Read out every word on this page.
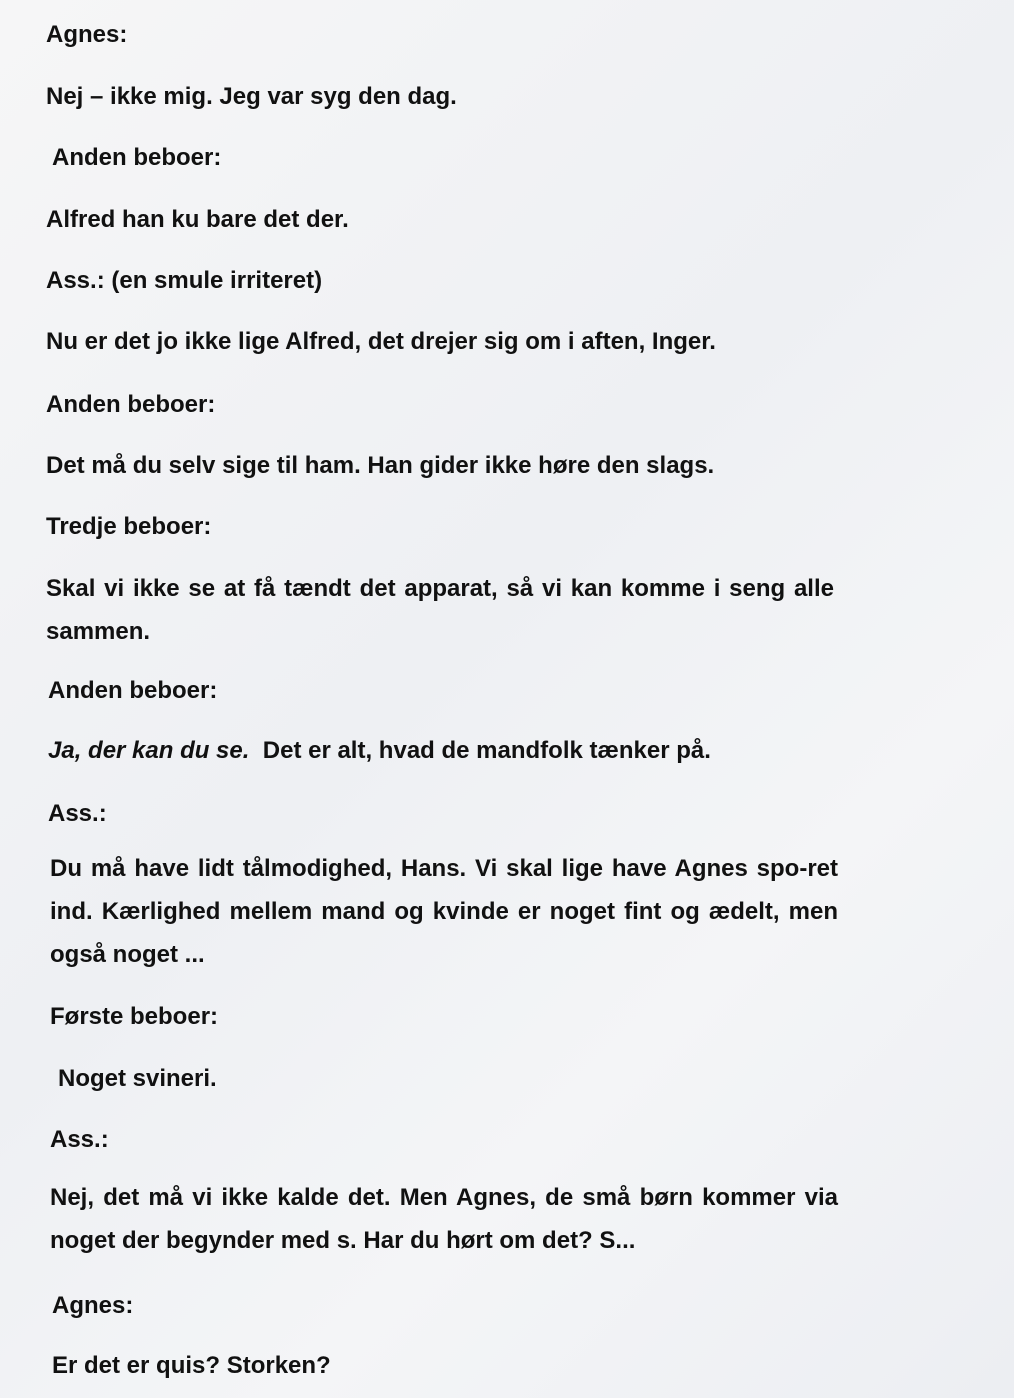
Agnes:

Nej – ikke mig. Jeg var syg den dag.

Anden beboer:

Alfred han ku bare det der.

Ass.: (en smule irriteret)

Nu er det jo ikke lige Alfred, det drejer sig om i aften, Inger.

Anden beboer:

Det må du selv sige til ham. Han gider ikke høre den slags.

Tredje beboer:

Skal vi ikke se at få tændt det apparat, så vi kan komme i seng alle sammen.

Anden beboer:

Ja, der kan du se. Det er alt, hvad de mandfolk tænker på.

Ass.:

Du må have lidt tålmodighed, Hans. Vi skal lige have Agnes spo-ret ind. Kærlighed mellem mand og kvinde er noget fint og ædelt, men også noget ...

Første beboer:

Noget svineri.

Ass.:

Nej, det må vi ikke kalde det. Men Agnes, de små børn kommer via noget der begynder med s. Har du hørt om det? S...

Agnes:

Er det er quis? Storken?
